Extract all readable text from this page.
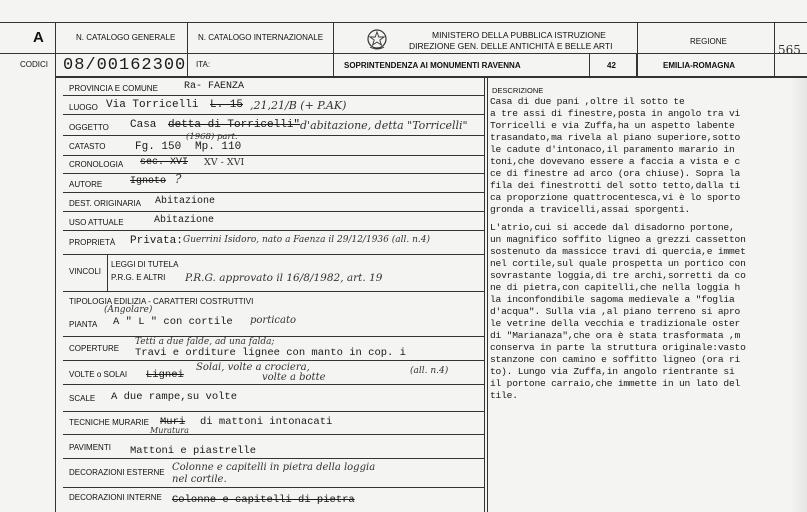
A	N. CATALOGO GENERALE	N. CATALOGO INTERNAZIONALE	MINISTERO DELLA PUBBLICA ISTRUZIONE
DIREZIONE GEN. DELLE ANTICHITÀ E BELLE ARTI	REGIONE
565
CODICI 08/00162300 ITA:	SOPRINTENDENZA AI MONUMENTI RAVENNA	42	EMILIA-ROMAGNA
PROVINCIA E COMUNE	Ra- FAENZA
LUOGO Via Torricelli L. 15 ,21,21/B (+ P.AK)
OGGETTO Casa detta di Torricelli" d'abitazione, detta "Torricelli"
CATASTO	Fg. 150
(1968) part.
Mp. 110
CRONOLOGIA sec. XVI XV - XVI
AUTORE	Ignoto ?
DEST. ORIGINARIA Abitazione
USO ATTUALE	Abitazione
PROPRIETÀ Privata: Guerrini Isidoro, nato a Faenza il 29/12/1936 (all. n.4)
VINCOLI
LEGGI DI TUTELA
P.R.G. E ALTRI P.R.G. approvato il 16/8/1982, art. 19
TIPOLOGIA EDILIZIA - CARATTERI COSTRUTTIVI
PIANTA
(Angolare)
A " L " con cortile porticato
COPERTURE
Tetti a due falde, ad una falda;
Travi e orditure lignee con manto in cop. i
VOLTE o SOLAI Lignei
Solai, volte a crociera,
volte a botte
(all. n.4)
SCALE A due rampe,su volte
TECNICHE MURARIE Muri di mattoni intonacati
Muratura
PAVIMENTI Mattoni e piastrelle
DECORAZIONI ESTERNE Colonne e capitelli in pietra della loggia
nel cortile.
DECORAZIONI INTERNE Colonne e capitelli di pietra
DESCRIZIONE
Casa di due pani ,oltre il sotto te
a tre assi di finestre,posta in angolo tra vi
Torricelli e via Zuffa,ha un aspetto labente
trasandato,ma rivela al piano superiore,sotto
le cadute d'intonaco,il paramento marario in
toni,che dovevano essere a faccia a vista e c
ce di finestre ad arco (ora chiuse). Sopra la
fila dei finestrotti del sotto tetto,dalla ti
ca proporzione quattrocentesca,vi è lo sporto
gronda a travicelli,assai sporgenti.
L'atrio,cui si accede dal disadorno portone,
un magnifico soffito ligneo a grezzi cassetton
sostenuto da massicce travi di quercia,e immet
nel cortile,sul quale prospetta un portico con
sovrastante loggia,di tre archi,sorretti da co
ne di pietra,con capitelli,che nella loggia h
la inconfondibile sagoma medievale a "foglia
d'acqua". Sulla via ,al piano terreno si apro
le vetrine della vecchia e tradizionale oster
di "Marianaza",che ora è stata trasformata ,m
conserva in parte la struttura originale:vasto
stanzone con camino e soffitto ligneo (ora ri
to). Lungo via Zuffa,in angolo rientrante si
il portone carraio,che immette in un lato del
tile.
